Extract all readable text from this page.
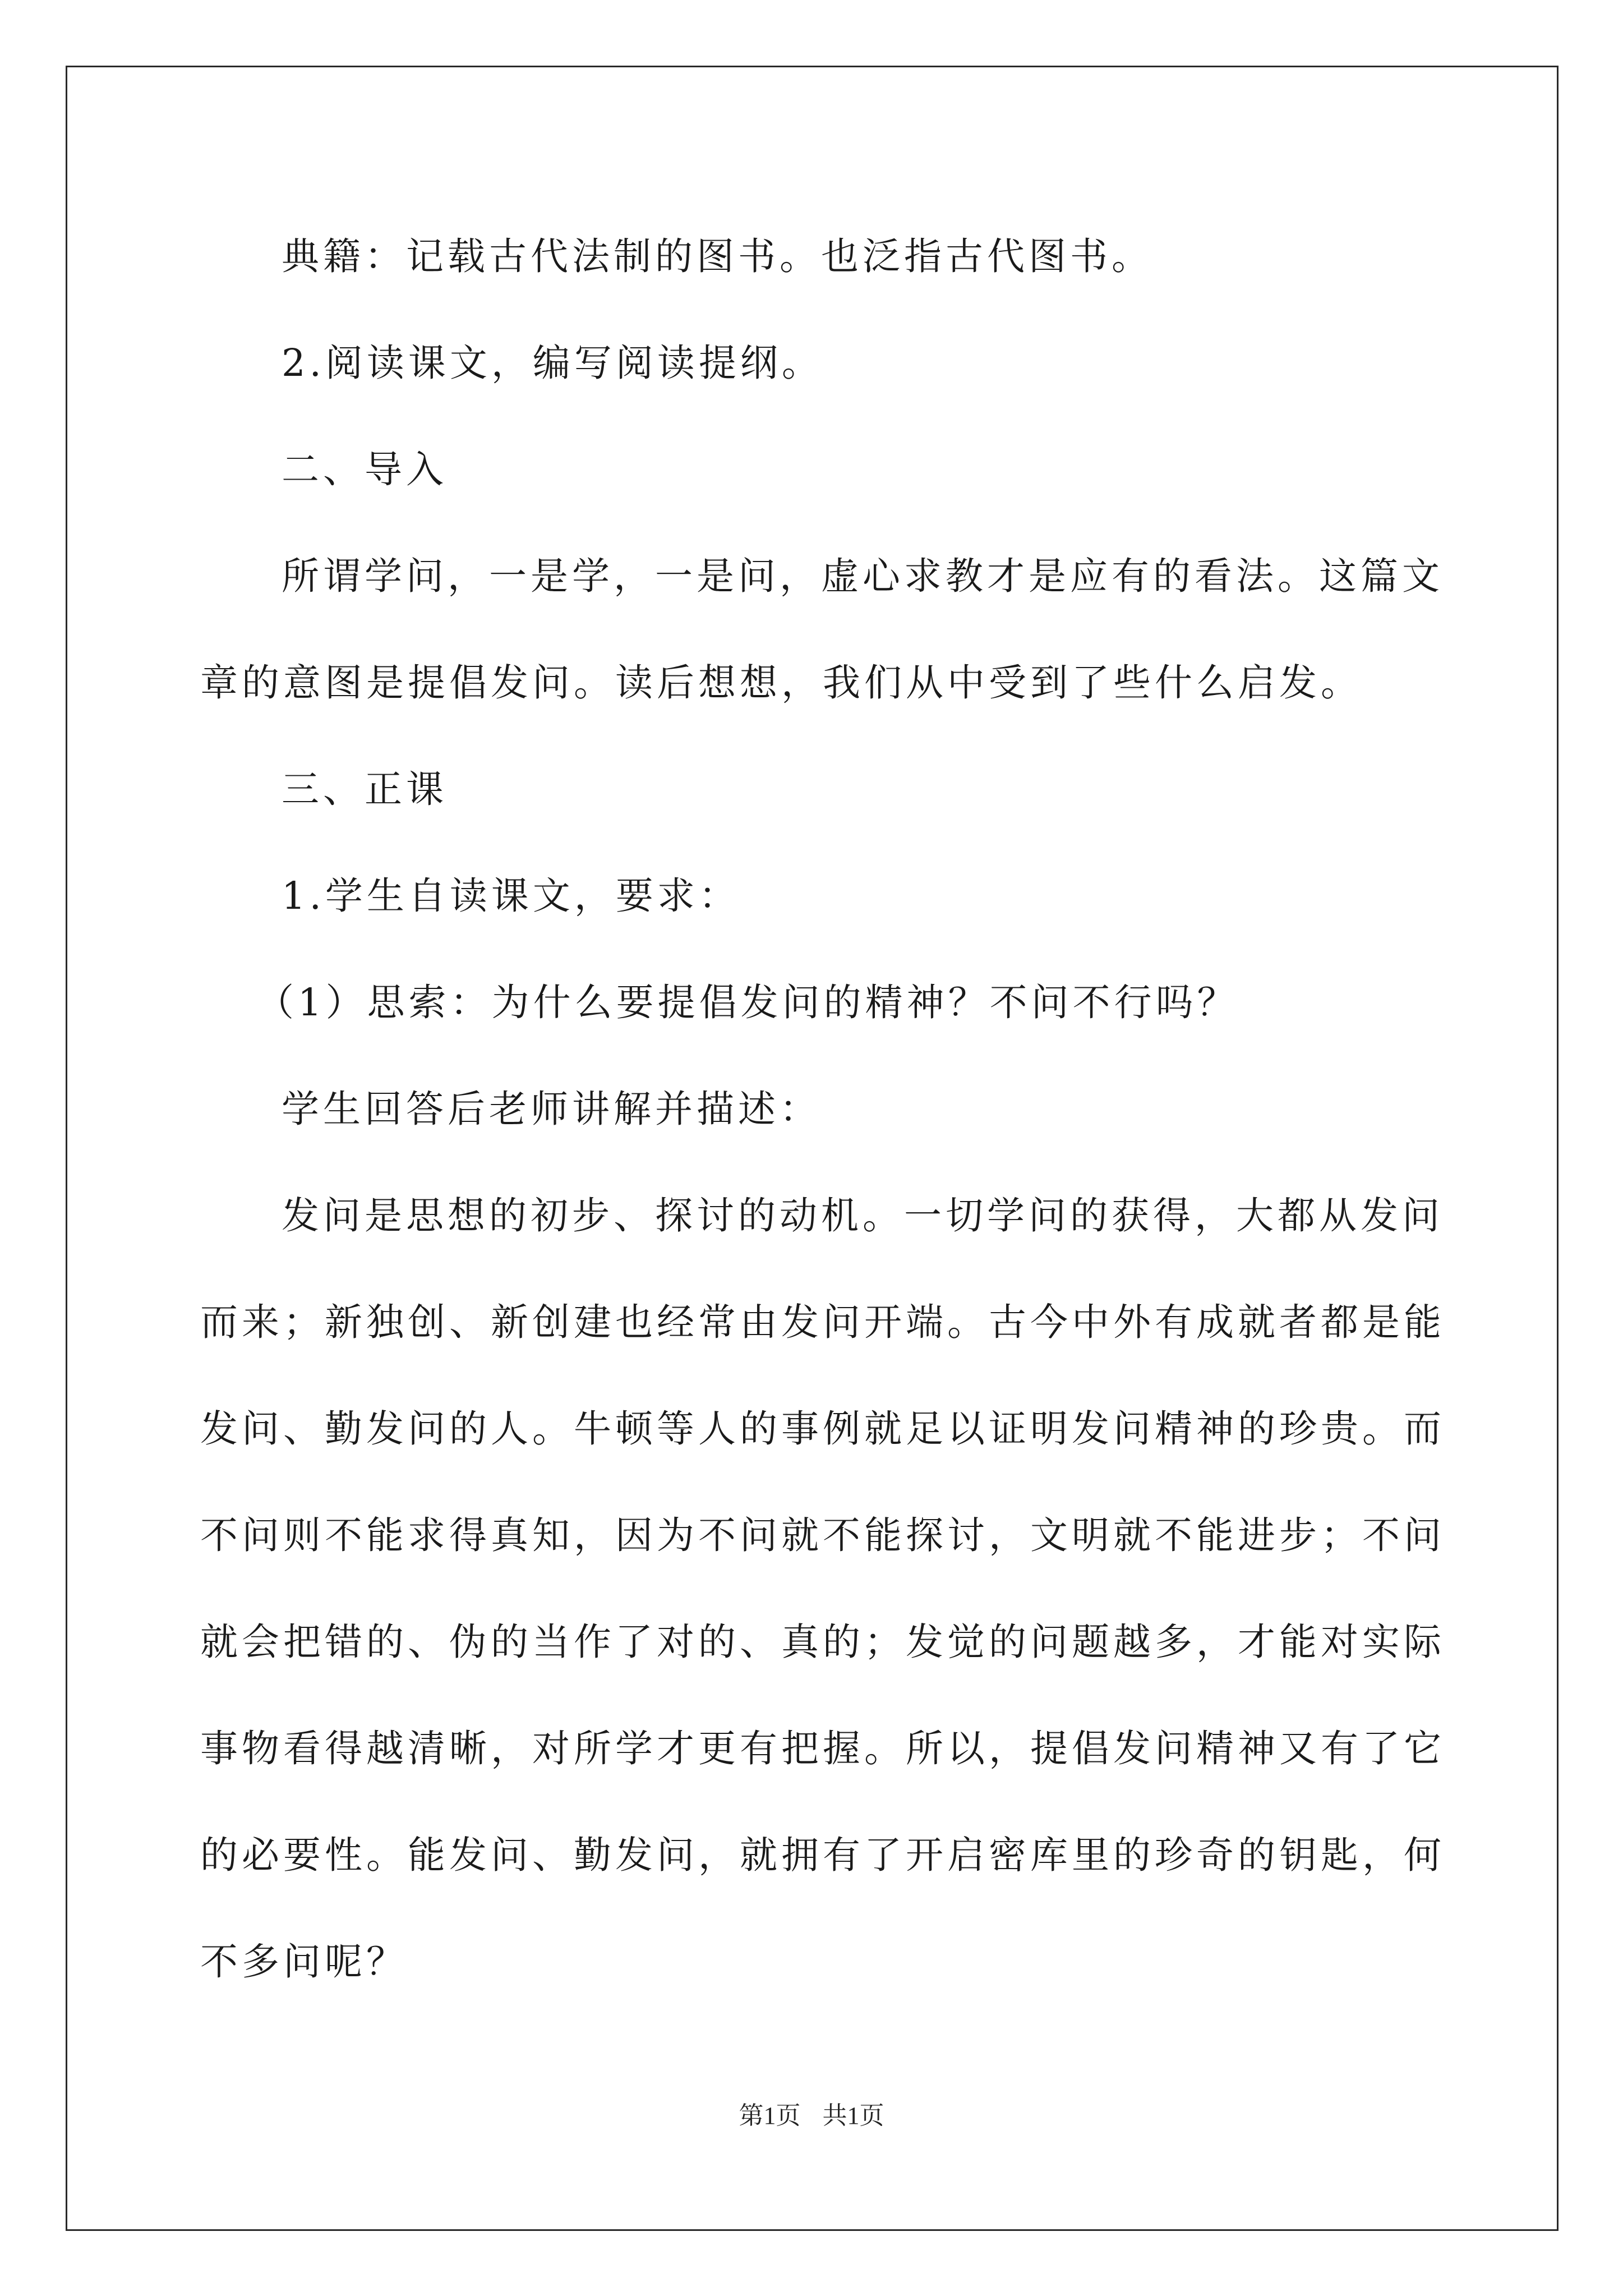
典籍：记载古代法制的图书。也泛指古代图书。

2.阅读课文，编写阅读提纲。

二、导入

所谓学问，一是学，一是问，虚心求教才是应有的看法。这篇文

章的意图是提倡发问。读后想想，我们从中受到了些什么启发。

三、正课

1.学生自读课文，要求：

（1）思索：为什么要提倡发问的精神？不问不行吗？

学生回答后老师讲解并描述：

发问是思想的初步、探讨的动机。一切学问的获得，大都从发问

而来；新独创、新创建也经常由发问开端。古今中外有成就者都是能

发问、勤发问的人。牛顿等人的事例就足以证明发问精神的珍贵。而

不问则不能求得真知，因为不问就不能探讨，文明就不能进步；不问

就会把错的、伪的当作了对的、真的；发觉的问题越多，才能对实际

事物看得越清晰，对所学才更有把握。所以，提倡发问精神又有了它

的必要性。能发问、勤发问，就拥有了开启密库里的珍奇的钥匙，何

不多问呢？

第1页 共1页
